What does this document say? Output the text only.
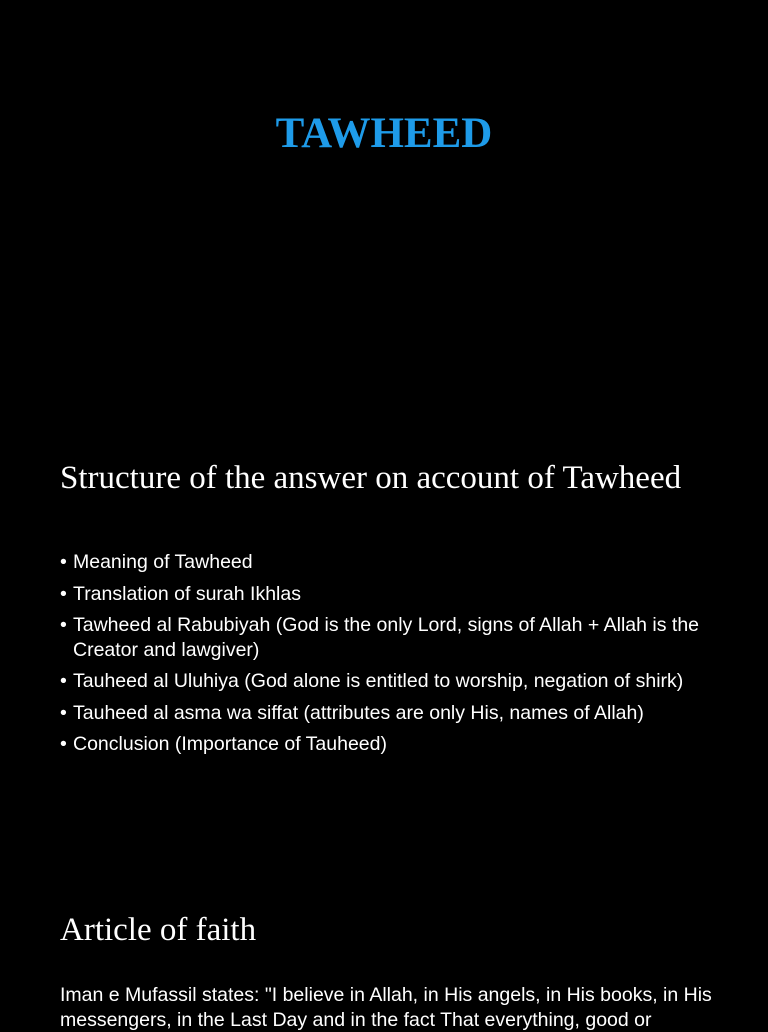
TAWHEED
Structure of the answer on account of Tawheed
• Meaning of Tawheed
• Translation of surah Ikhlas
• Tawheed al Rabubiyah (God is the only Lord, signs of Allah + Allah is the Creator and lawgiver)
• Tauheed al Uluhiya (God alone is entitled to worship, negation of shirk)
• Tauheed al asma wa siffat (attributes are only His, names of Allah)
• Conclusion (Importance of Tauheed)
Article of faith

Iman e Mufassil states: "I believe in Allah, in His angels, in His books, in His messengers, in the Last Day and in the fact That everything, good or
